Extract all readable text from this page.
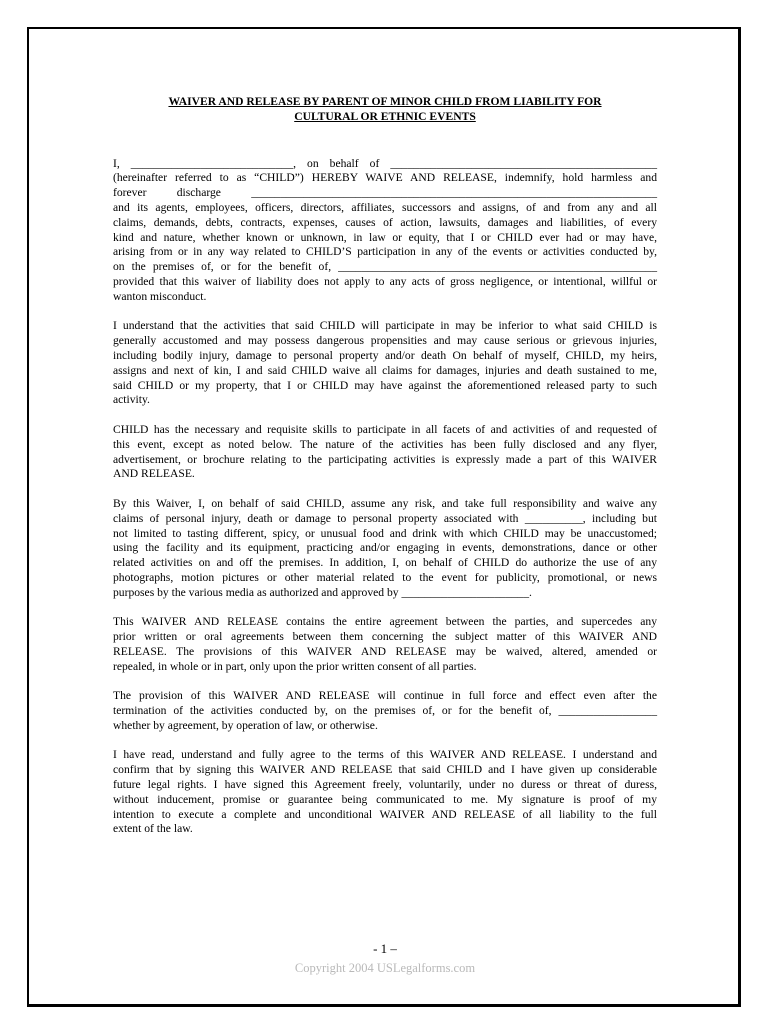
WAIVER AND RELEASE BY PARENT OF MINOR CHILD FROM LIABILITY FOR
CULTURAL OR ETHNIC EVENTS
I, ____________________________, on behalf of ______________________________________________
(hereinafter referred to as “CHILD”) HEREBY WAIVE AND RELEASE, indemnify, hold harmless and
forever discharge ______________________________________________________________________
and its agents, employees, officers, directors, affiliates, successors and assigns, of and from any and all
claims, demands, debts, contracts, expenses, causes of action, lawsuits, damages and liabilities, of every
kind and nature, whether known or unknown, in law or equity, that I or CHILD ever had or may have,
arising from or in any way related to CHILD’S participation in any of the events or activities conducted by,
on the premises of, or for the benefit of, _______________________________________________________
provided that this waiver of liability does not apply to any acts of gross negligence, or intentional, willful or
wanton misconduct.
I understand that the activities that said CHILD will participate in may be inferior to what said CHILD is
generally accustomed and may possess dangerous propensities and may cause serious or grievous injuries,
including bodily injury, damage to personal property and/or death On behalf of myself, CHILD, my heirs,
assigns and next of kin, I and said CHILD waive all claims for damages, injuries and death sustained to me,
said CHILD or my property, that I or CHILD may have against the aforementioned released party to such
activity.
CHILD has the necessary and requisite skills to participate in all facets of and activities of and requested of
this event, except as noted below. The nature of the activities has been fully disclosed and any flyer,
advertisement, or brochure relating to the participating activities is expressly made a part of this WAIVER
AND RELEASE.
By this Waiver, I, on behalf of said CHILD, assume any risk, and take full responsibility and waive any
claims of personal injury, death or damage to personal property associated with __________, including but
not limited to tasting different, spicy, or unusual food and drink with which CHILD may be unaccustomed;
using the facility and its equipment, practicing and/or engaging in events, demonstrations, dance or other
related activities on and off the premises. In addition, I, on behalf of CHILD do authorize the use of any
photographs, motion pictures or other material related to the event for publicity, promotional, or news
purposes by the various media as authorized and approved by ______________________.
This WAIVER AND RELEASE contains the entire agreement between the parties, and supercedes any
prior written or oral agreements between them concerning the subject matter of this WAIVER AND
RELEASE. The provisions of this WAIVER AND RELEASE may be waived, altered, amended or
repealed, in whole or in part, only upon the prior written consent of all parties.
The provision of this WAIVER AND RELEASE will continue in full force and effect even after the
termination of the activities conducted by, on the premises of, or for the benefit of, _________________
whether by agreement, by operation of law, or otherwise.
I have read, understand and fully agree to the terms of this WAIVER AND RELEASE. I understand and
confirm that by signing this WAIVER AND RELEASE that said CHILD and I have given up considerable
future legal rights. I have signed this Agreement freely, voluntarily, under no duress or threat of duress,
without inducement, promise or guarantee being communicated to me. My signature is proof of my
intention to execute a complete and unconditional WAIVER AND RELEASE of all liability to the full
extent of the law.
- 1 –
Copyright 2004 USLegalforms.com
